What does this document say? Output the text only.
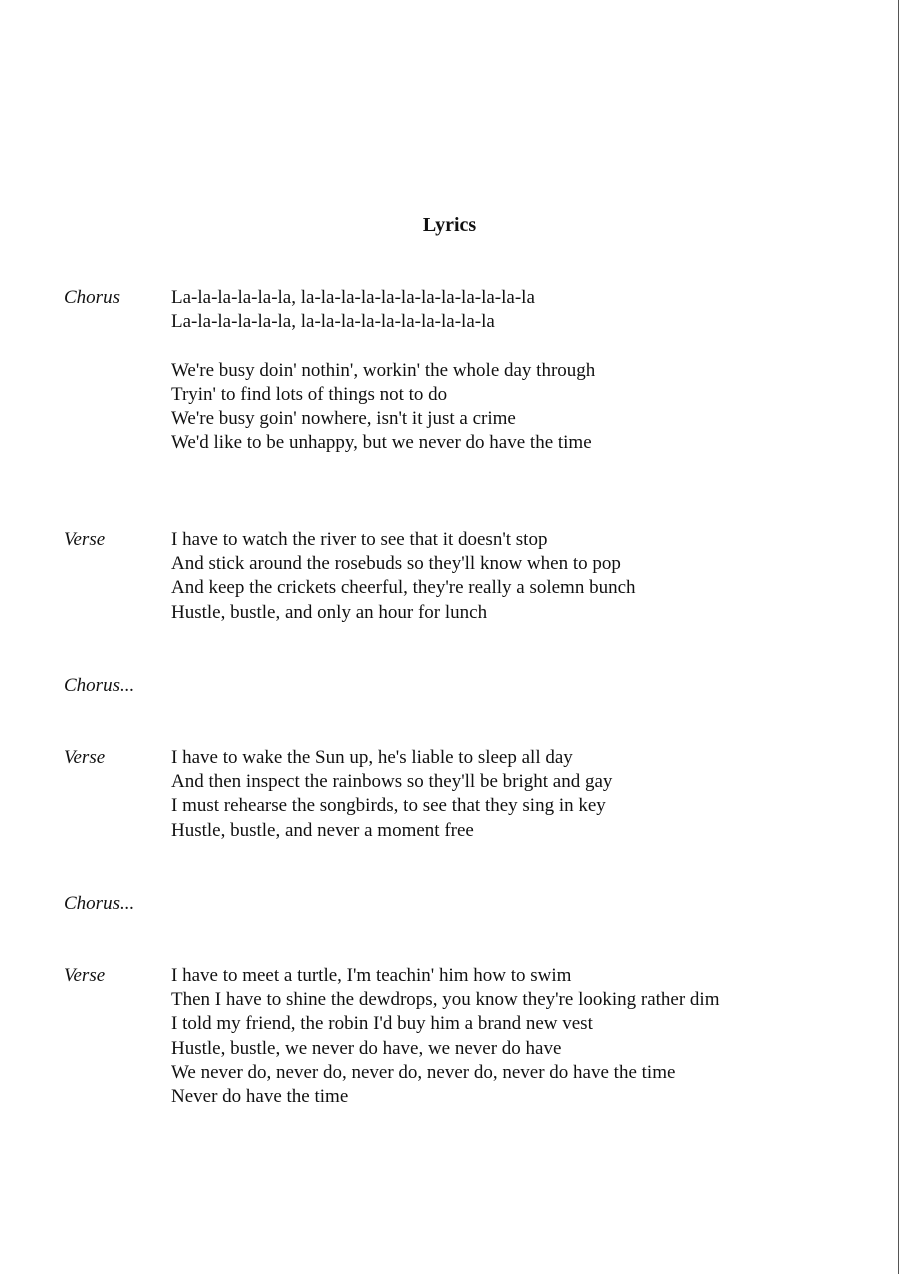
Lyrics
Chorus	La-la-la-la-la-la, la-la-la-la-la-la-la-la-la-la-la-la
La-la-la-la-la-la, la-la-la-la-la-la-la-la-la-la
We're busy doin' nothin', workin' the whole day through
Tryin' to find lots of things not to do
We're busy goin' nowhere, isn't it just a crime
We'd like to be unhappy, but we never do have the time
Verse	I have to watch the river to see that it doesn't stop
And stick around the rosebuds so they'll know when to pop
And keep the crickets cheerful, they're really a solemn bunch
Hustle, bustle, and only an hour for lunch
Chorus...
Verse	I have to wake the Sun up, he's liable to sleep all day
And then inspect the rainbows so they'll be bright and gay
I must rehearse the songbirds, to see that they sing in key
Hustle, bustle, and never a moment free
Chorus...
Verse	I have to meet a turtle, I'm teachin' him how to swim
Then I have to shine the dewdrops, you know they're looking rather dim
I told my friend, the robin I'd buy him a brand new vest
Hustle, bustle, we never do have, we never do have
We never do, never do, never do, never do, never do have the time
Never do have the time
